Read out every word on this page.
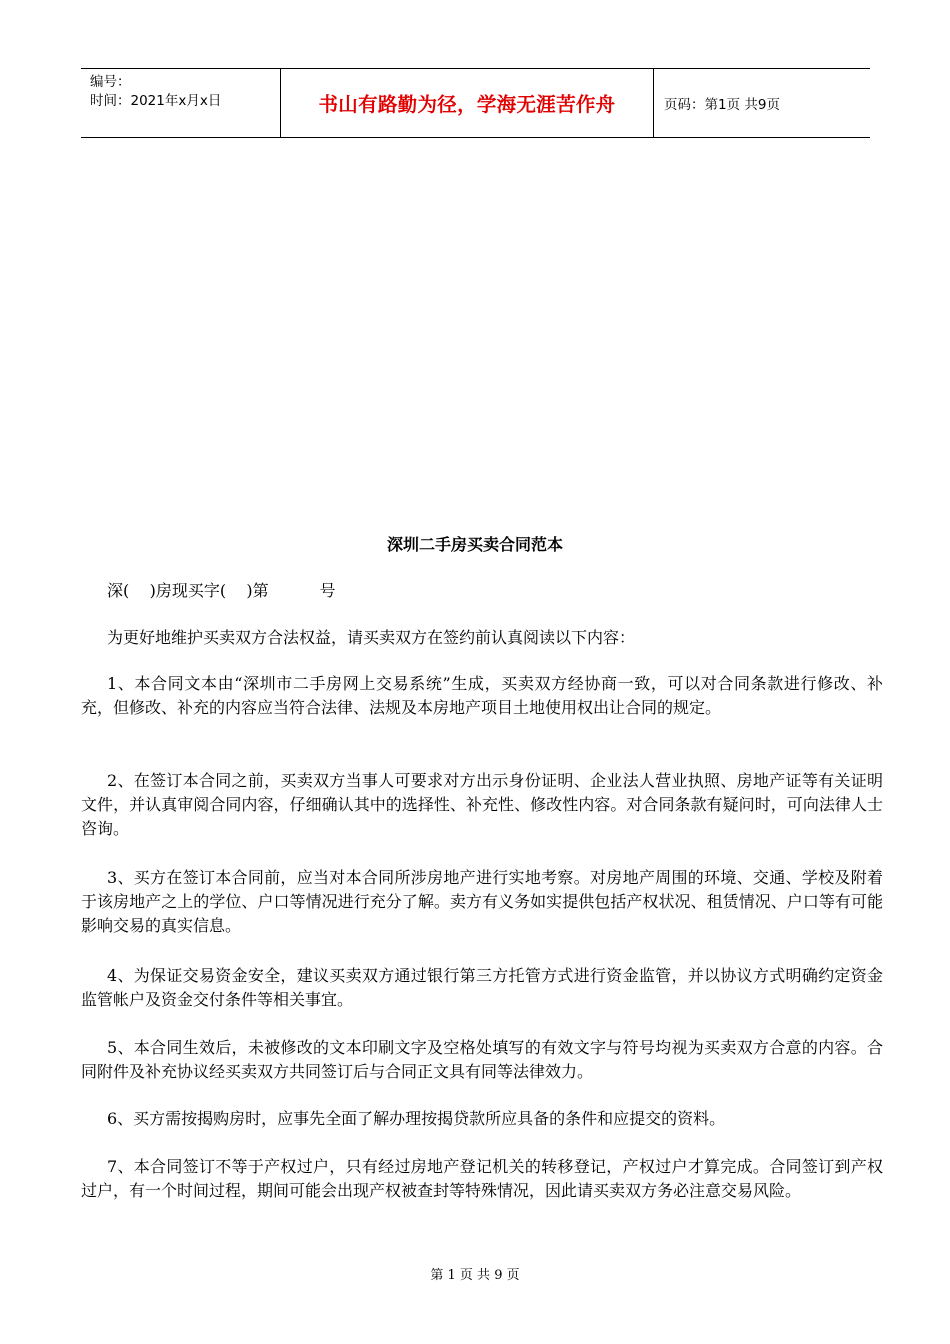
编号：
时间：2021年x月x日	书山有路勤为径，学海无涯苦作舟	页码：第1页 共9页
深圳二手房买卖合同范本
深(    )房现买字(    )第          号

为更好地维护买卖双方合法权益，请买卖双方在签约前认真阅读以下内容：

1、本合同文本由“深圳市二手房网上交易系统”生成，买卖双方经协商一致，可以对合同条款进行修改、补充，但修改、补充的内容应当符合法律、法规及本房地产项目土地使用权出让合同的规定。

2、在签订本合同之前，买卖双方当事人可要求对方出示身份证明、企业法人营业执照、房地产证等有关证明文件，并认真审阅合同内容，仔细确认其中的选择性、补充性、修改性内容。对合同条款有疑问时，可向法律人士咨询。

3、买方在签订本合同前，应当对本合同所涉房地产进行实地考察。对房地产周围的环境、交通、学校及附着于该房地产之上的学位、户口等情况进行充分了解。卖方有义务如实提供包括产权状况、租赁情况、户口等有可能影响交易的真实信息。

4、为保证交易资金安全，建议买卖双方通过银行第三方托管方式进行资金监管，并以协议方式明确约定资金监管帐户及资金交付条件等相关事宜。

5、本合同生效后，未被修改的文本印刷文字及空格处填写的有效文字与符号均视为买卖双方合意的内容。合同附件及补充协议经买卖双方共同签订后与合同正文具有同等法律效力。

6、买方需按揭购房时，应事先全面了解办理按揭贷款所应具备的条件和应提交的资料。

7、本合同签订不等于产权过户，只有经过房地产登记机关的转移登记，产权过户才算完成。合同签订到产权过户，有一个时间过程，期间可能会出现产权被查封等特殊情况，因此请买卖双方务必注意交易风险。

第 1 页 共 9 页
